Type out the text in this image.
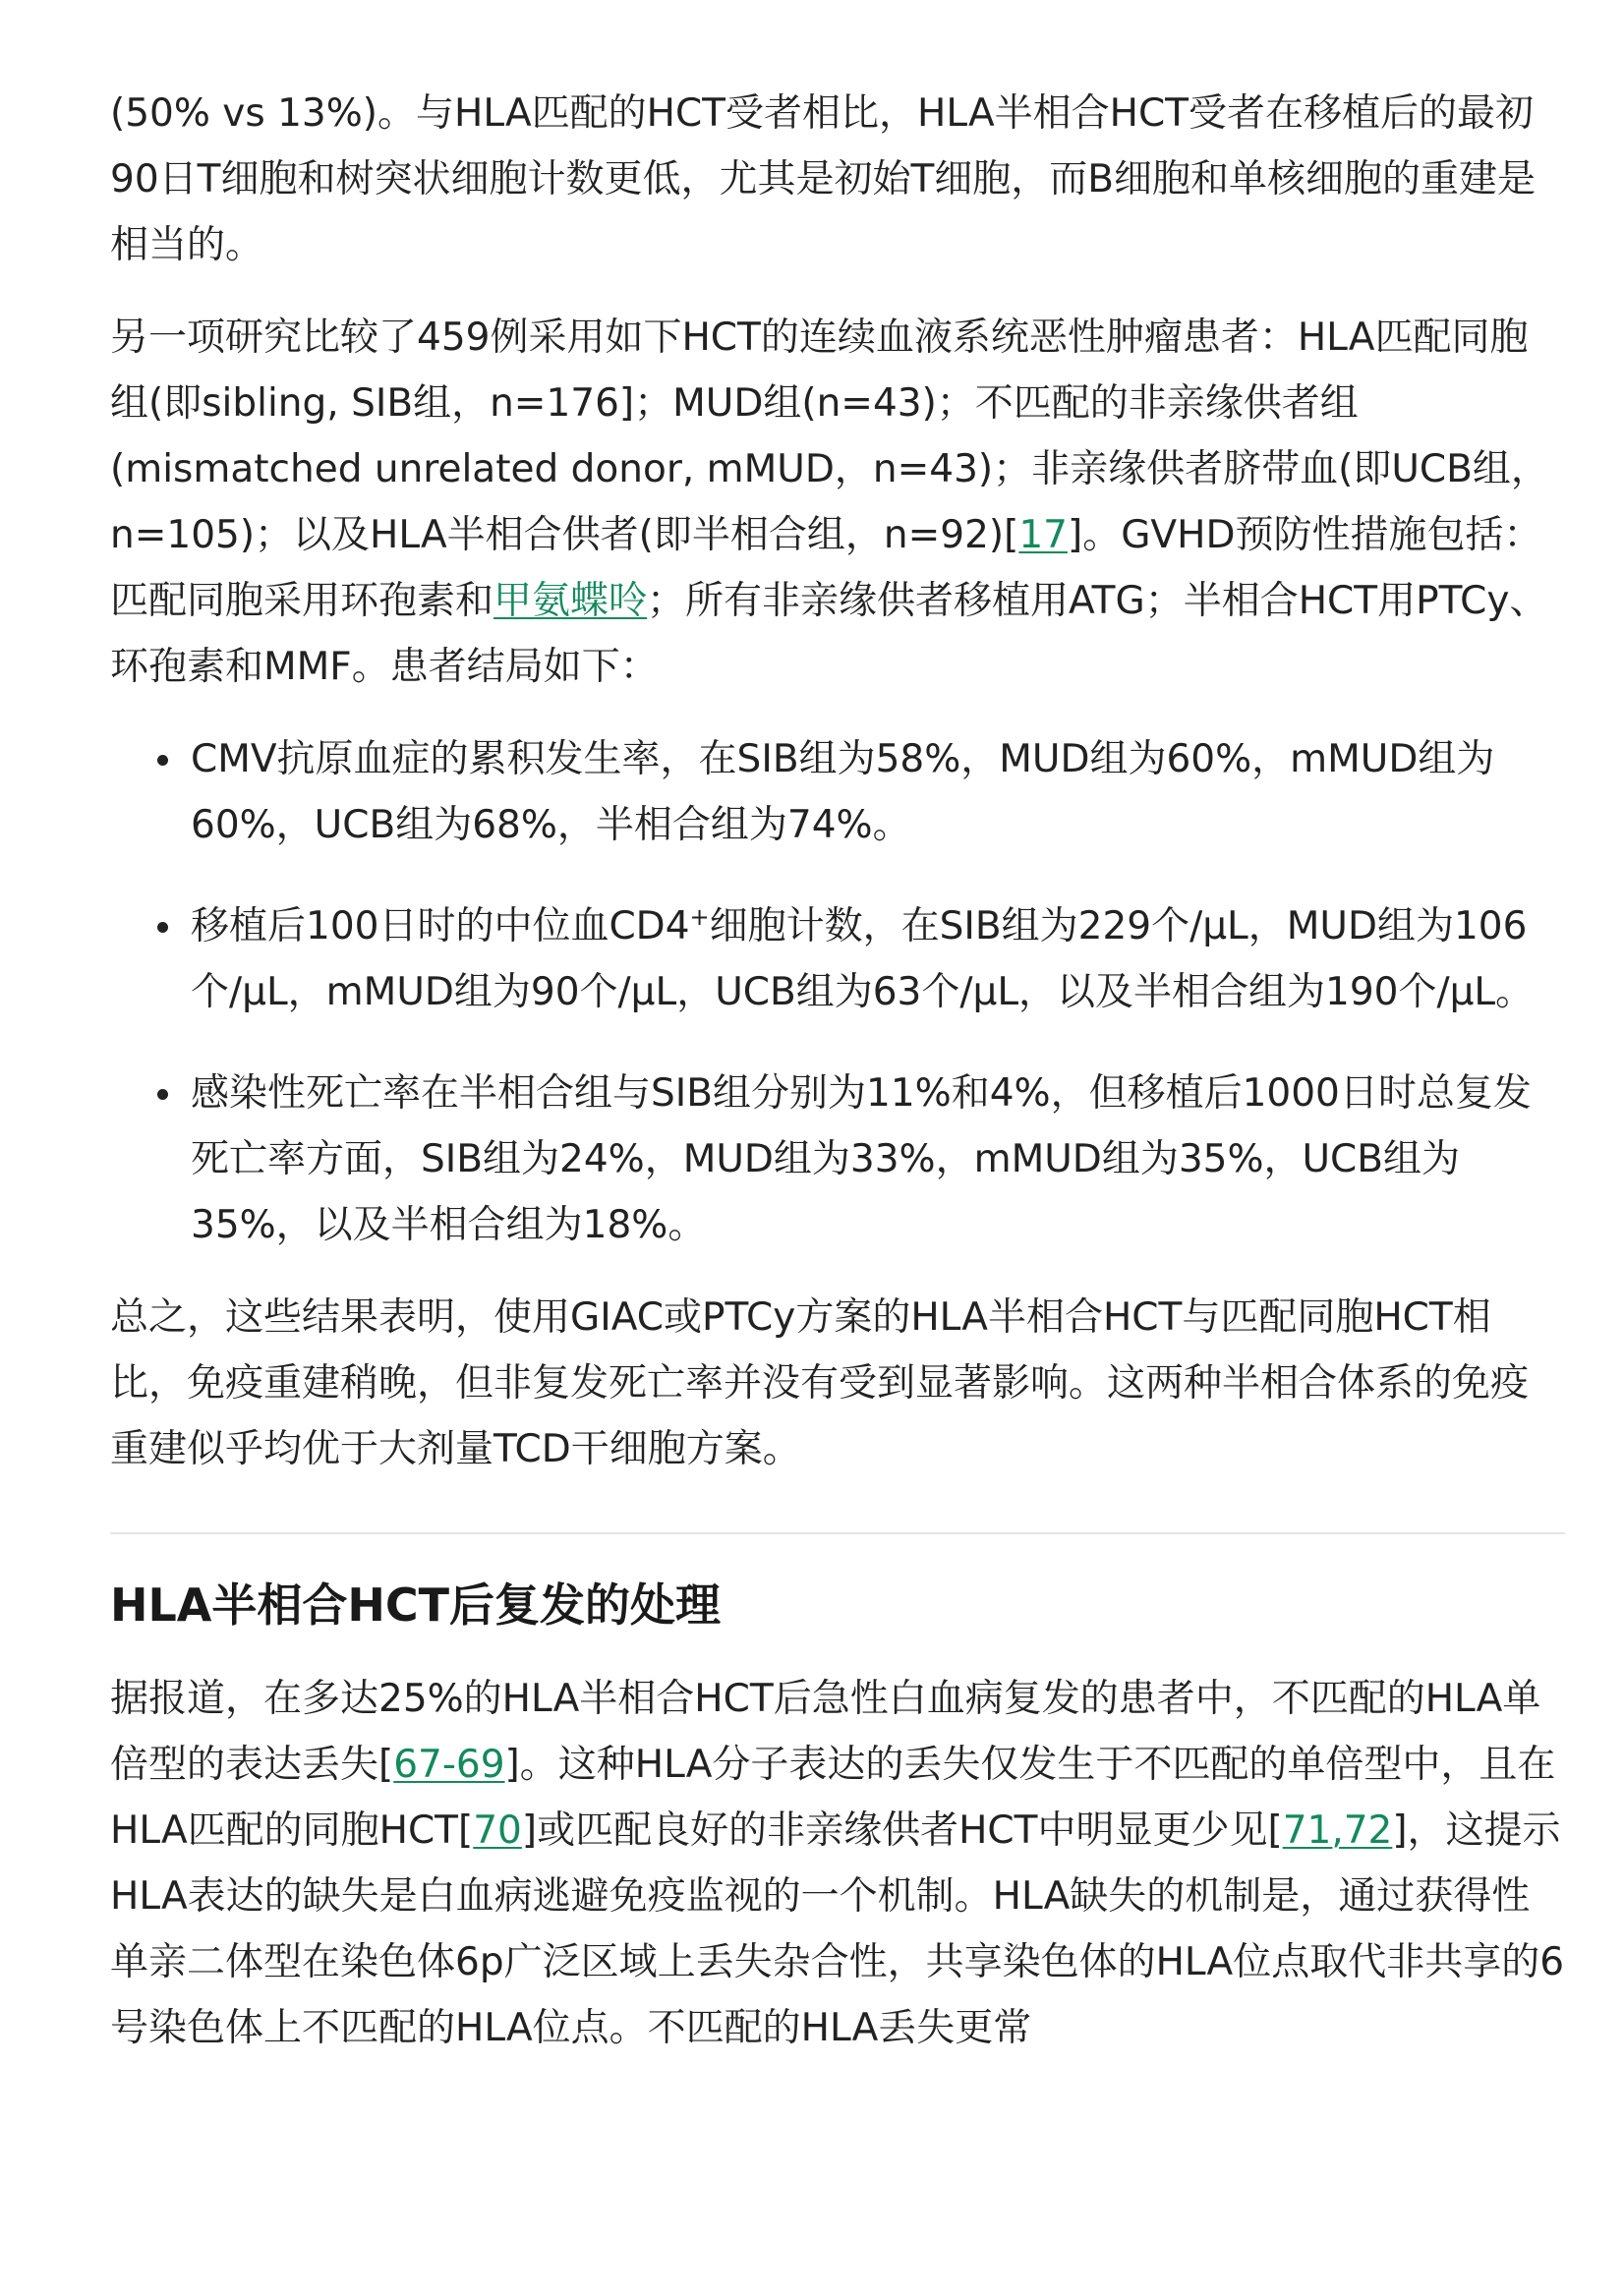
(50% vs 13%)。与HLA匹配的HCT受者相比，HLA半相合HCT受者在移植后的最初90日T细胞和树突状细胞计数更低，尤其是初始T细胞，而B细胞和单核细胞的重建是相当的。

另一项研究比较了459例采用如下HCT的连续血液系统恶性肿瘤患者：HLA匹配同胞组(即sibling, SIB组，n=176]；MUD组(n=43)；不匹配的非亲缘供者组(mismatched unrelated donor, mMUD，n=43)；非亲缘供者脐带血(即UCB组，n=105)；以及HLA半相合供者(即半相合组，n=92)[17]。GVHD预防性措施包括：匹配同胞采用环孢素和甲氨蝶呤；所有非亲缘供者移植用ATG；半相合HCT用PTCy、环孢素和MMF。患者结局如下：

CMV抗原血症的累积发生率，在SIB组为58%，MUD组为60%，mMUD组为60%，UCB组为68%，半相合组为74%。
移植后100日时的中位血CD4+细胞计数，在SIB组为229个/μL，MUD组为106个/μL，mMUD组为90个/μL，UCB组为63个/μL，以及半相合组为190个/μL。
感染性死亡率在半相合组与SIB组分别为11%和4%，但移植后1000日时总复发死亡率方面，SIB组为24%，MUD组为33%，mMUD组为35%，UCB组为35%，以及半相合组为18%。

总之，这些结果表明，使用GIAC或PTCy方案的HLA半相合HCT与匹配同胞HCT相比，免疫重建稍晚，但非复发死亡率并没有受到显著影响。这两种半相合体系的免疫重建似乎均优于大剂量TCD干细胞方案。

HLA半相合HCT后复发的处理

据报道，在多达25%的HLA半相合HCT后急性白血病复发的患者中，不匹配的HLA单倍型的表达丢失[67-69]。这种HLA分子表达的丢失仅发生于不匹配的单倍型中，且在HLA匹配的同胞HCT[70]或匹配良好的非亲缘供者HCT中明显更少见[71,72]，这提示HLA表达的缺失是白血病逃避免疫监视的一个机制。HLA缺失的机制是，通过获得性单亲二体型在染色体6p广泛区域上丢失杂合性，共享染色体的HLA位点取代非共享的6号染色体上不匹配的HLA位点。不匹配的HLA丢失更常
